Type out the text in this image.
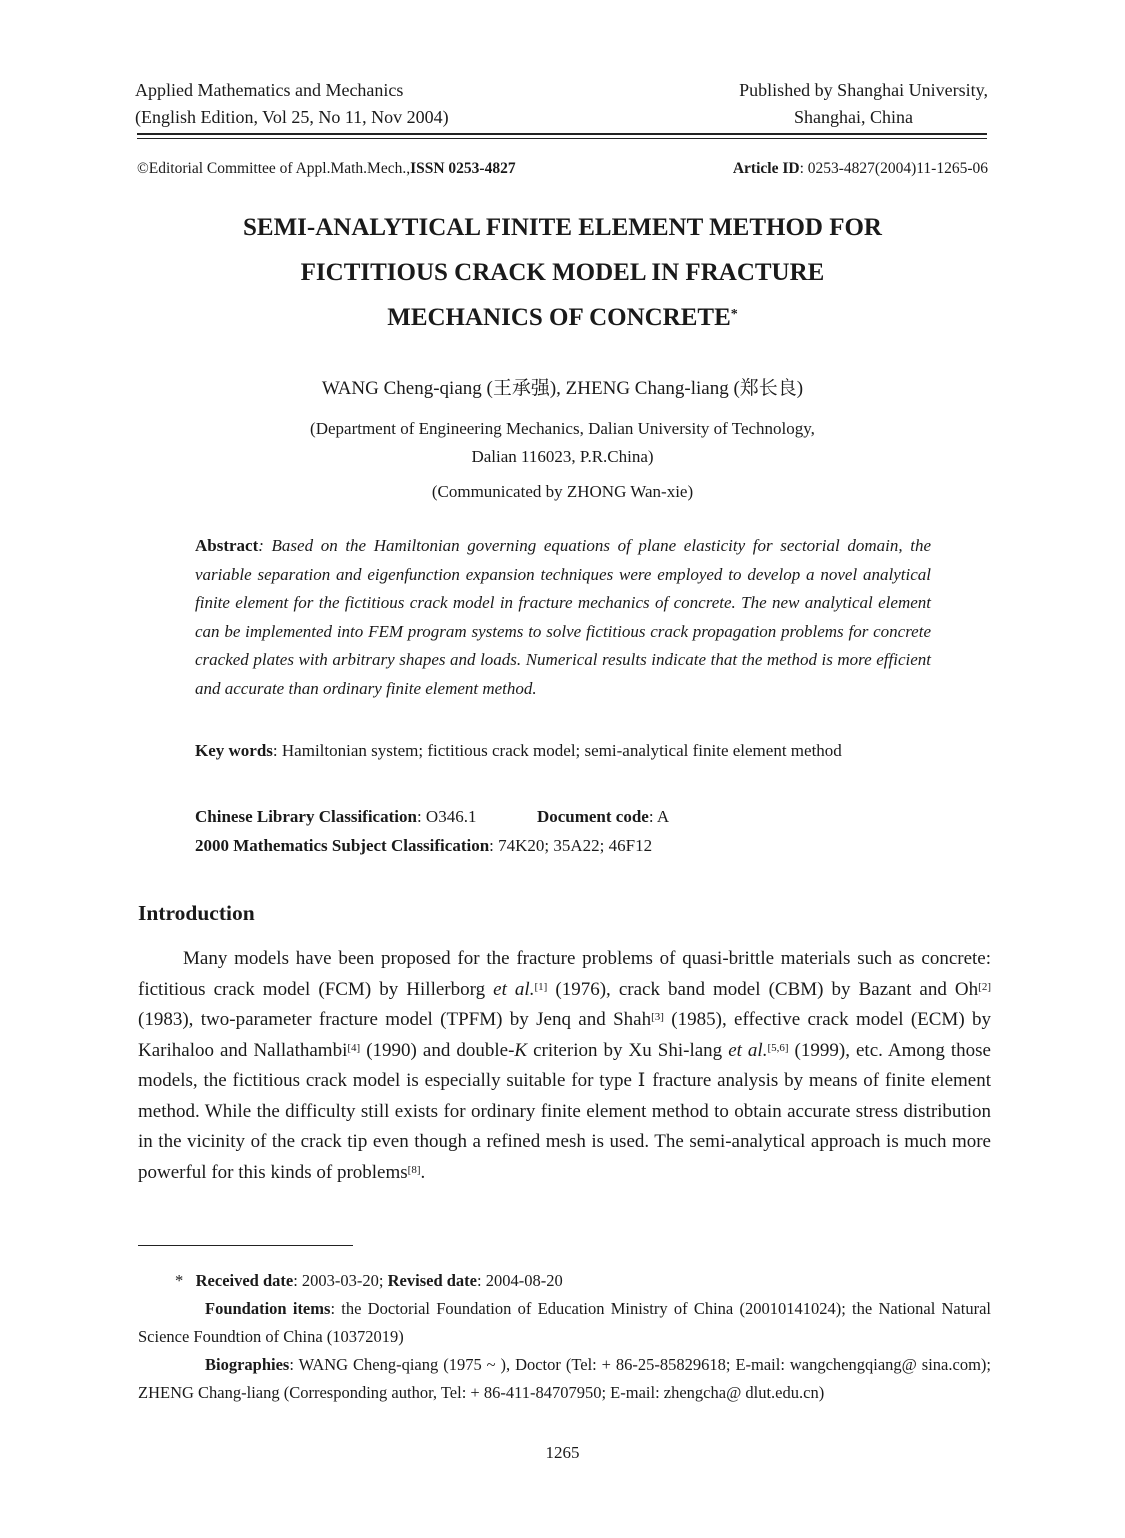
Applied Mathematics and Mechanics
(English Edition, Vol 25, No 11, Nov 2004)
Published by Shanghai University,
Shanghai, China
©Editorial Committee of Appl.Math.Mech.,ISSN 0253-4827	Article ID: 0253-4827(2004)11-1265-06
SEMI-ANALYTICAL FINITE ELEMENT METHOD FOR
FICTITIOUS CRACK MODEL IN FRACTURE
MECHANICS OF CONCRETE*
WANG Cheng-qiang (王承强), ZHENG Chang-liang (郑长良)
(Department of Engineering Mechanics, Dalian University of Technology,
Dalian 116023, P.R.China)
(Communicated by ZHONG Wan-xie)
Abstract: Based on the Hamiltonian governing equations of plane elasticity for sectorial domain, the variable separation and eigenfunction expansion techniques were employed to develop a novel analytical finite element for the fictitious crack model in fracture mechanics of concrete. The new analytical element can be implemented into FEM program systems to solve fictitious crack propagation problems for concrete cracked plates with arbitrary shapes and loads. Numerical results indicate that the method is more efficient and accurate than ordinary finite element method.
Key words: Hamiltonian system; fictitious crack model; semi-analytical finite element method
Chinese Library Classification: O346.1	Document code: A
2000 Mathematics Subject Classification: 74K20; 35A22; 46F12
Introduction

Many models have been proposed for the fracture problems of quasi-brittle materials such as concrete: fictitious crack model (FCM) by Hillerborg et al.[1] (1976), crack band model (CBM) by Bazant and Oh[2] (1983), two-parameter fracture model (TPFM) by Jenq and Shah[3] (1985), effective crack model (ECM) by Karihaloo and Nallathambi[4] (1990) and double-K criterion by Xu Shi-lang et al.[5,6] (1999), etc. Among those models, the fictitious crack model is especially suitable for type Ⅰ fracture analysis by means of finite element method. While the difficulty still exists for ordinary finite element method to obtain accurate stress distribution in the vicinity of the crack tip even though a refined mesh is used. The semi-analytical approach is much more powerful for this kinds of problems[8].

* Received date: 2003-03-20; Revised date: 2004-08-20

Foundation items: the Doctorial Foundation of Education Ministry of China (20010141024); the National Natural Science Foundtion of China (10372019)

Biographies: WANG Cheng-qiang (1975 ~ ), Doctor (Tel: + 86-25-85829618; E-mail: wangchengqiang@ sina.com); ZHENG Chang-liang (Corresponding author, Tel: + 86-411-84707950; E-mail: zhengcha@ dlut.edu.cn)

1265
